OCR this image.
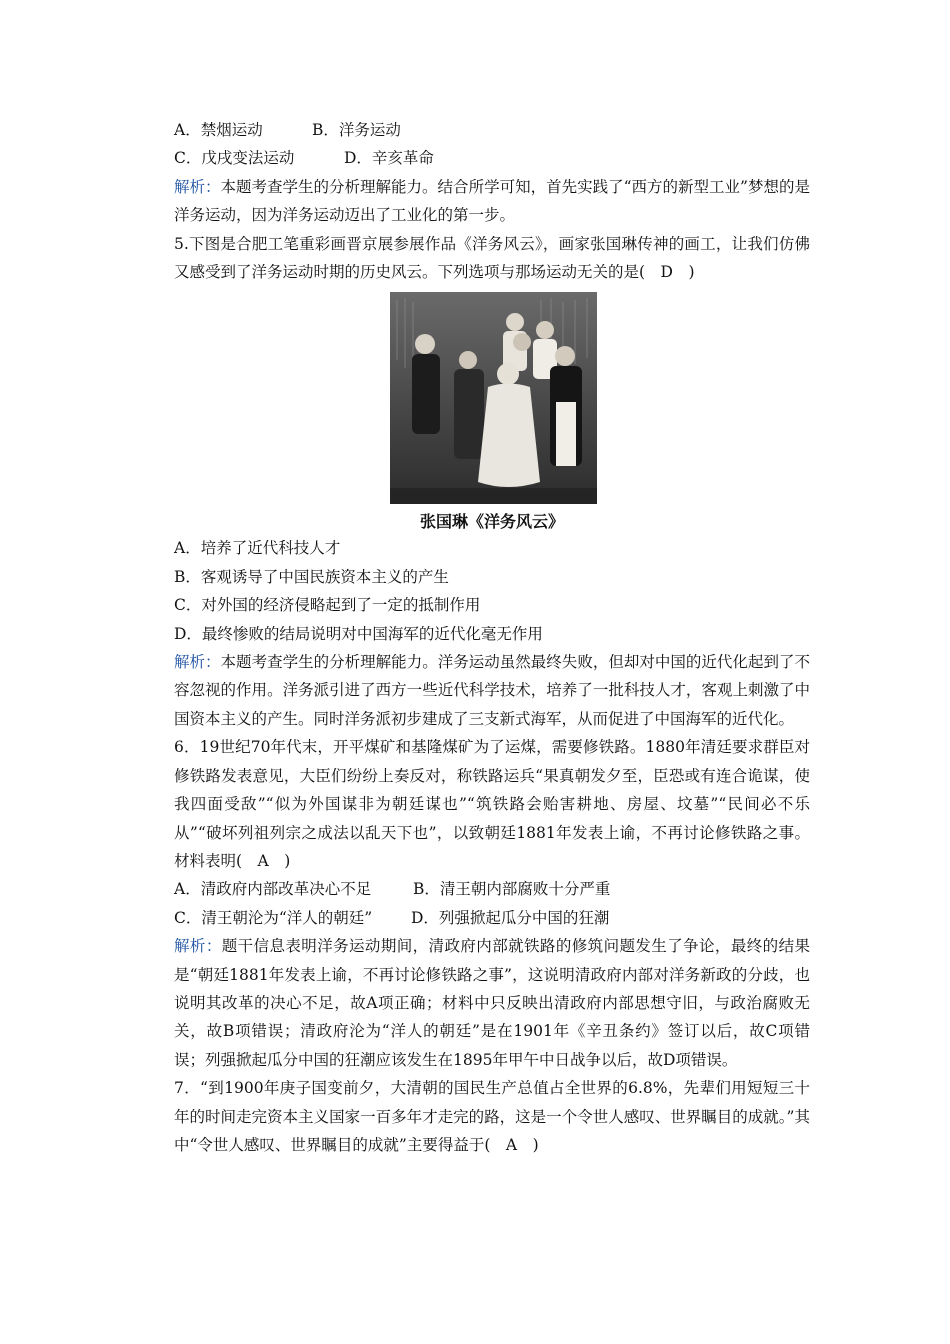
A．禁烟运动	B．洋务运动
C．戊戌变法运动	D．辛亥革命

解析：本题考查学生的分析理解能力。结合所学可知，首先实践了“西方的新型工业”梦想的是洋务运动，因为洋务运动迈出了工业化的第一步。

5.下图是合肥工笔重彩画晋京展参展作品《洋务风云》，画家张国琳传神的画工，让我们仿佛又感受到了洋务运动时期的历史风云。下列选项与那场运动无关的是(　D　)

张国琳《洋务风云》
A．培养了近代科技人才
B．客观诱导了中国民族资本主义的产生
C．对外国的经济侵略起到了一定的抵制作用
D．最终惨败的结局说明对中国海军的近代化毫无作用

解析：本题考查学生的分析理解能力。洋务运动虽然最终失败，但却对中国的近代化起到了不容忽视的作用。洋务派引进了西方一些近代科学技术，培养了一批科技人才，客观上刺激了中国资本主义的产生。同时洋务派初步建成了三支新式海军，从而促进了中国海军的近代化。

6．19世纪70年代末，开平煤矿和基隆煤矿为了运煤，需要修铁路。1880年清廷要求群臣对修铁路发表意见，大臣们纷纷上奏反对，称铁路运兵“果真朝发夕至，臣恐或有连合诡谋，使我四面受敌”“似为外国谋非为朝廷谋也”“筑铁路会贻害耕地、房屋、坟墓”“民间必不乐从”“破坏列祖列宗之成法以乱天下也”，以致朝廷1881年发表上谕，不再讨论修铁路之事。材料表明(　A　)

A．清政府内部改革决心不足	B．清王朝内部腐败十分严重
C．清王朝沦为“洋人的朝廷”	D．列强掀起瓜分中国的狂潮

解析：题干信息表明洋务运动期间，清政府内部就铁路的修筑问题发生了争论，最终的结果是“朝廷1881年发表上谕，不再讨论修铁路之事”，这说明清政府内部对洋务新政的分歧，也说明其改革的决心不足，故A项正确；材料中只反映出清政府内部思想守旧，与政治腐败无关，故B项错误；清政府沦为“洋人的朝廷”是在1901年《辛丑条约》签订以后，故C项错误；列强掀起瓜分中国的狂潮应该发生在1895年甲午中日战争以后，故D项错误。

7．“到1900年庚子国变前夕，大清朝的国民生产总值占全世界的6.8%，先辈们用短短三十年的时间走完资本主义国家一百多年才走完的路，这是一个令世人感叹、世界瞩目的成就。”其中“令世人感叹、世界瞩目的成就”主要得益于(　A　)
